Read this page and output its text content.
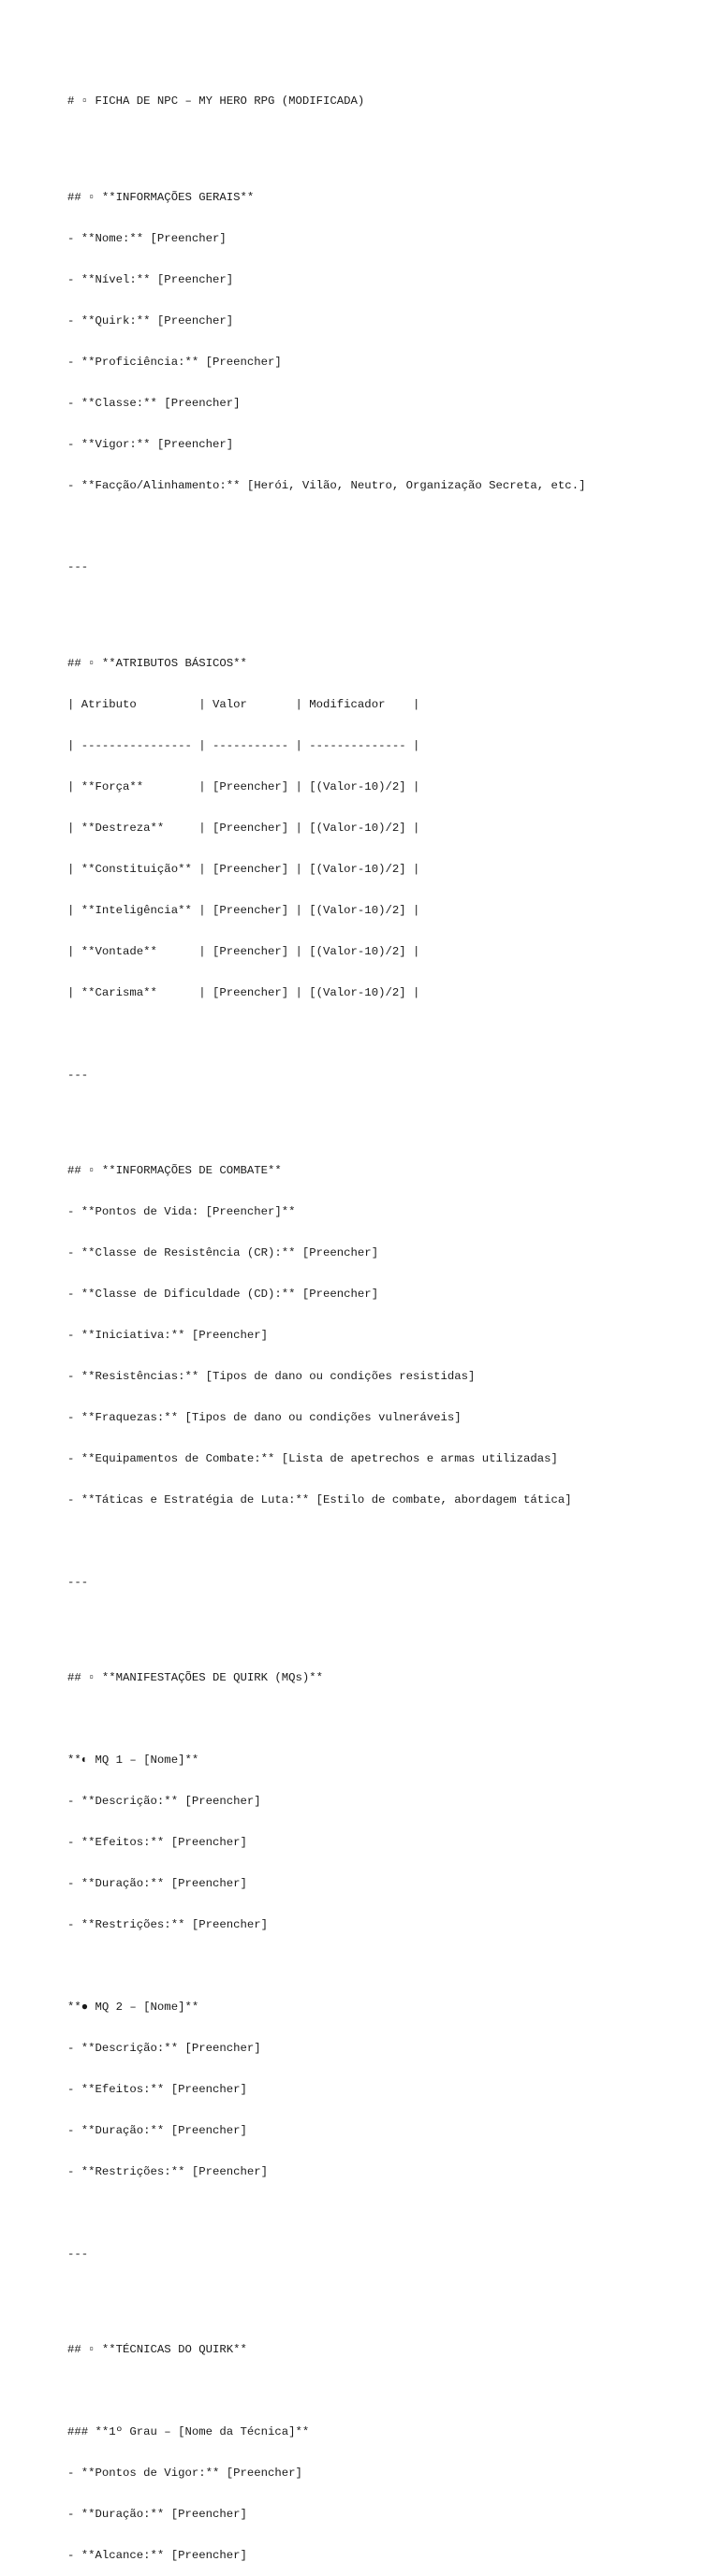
# ▫ FICHA DE NPC – MY HERO RPG (MODIFICADA)

## ▫ **INFORMAÇÕES GERAIS**

- **Nome:** [Preencher]

- **Nível:** [Preencher]

- **Quirk:** [Preencher]

- **Proficiência:** [Preencher]

- **Classe:** [Preencher]

- **Vigor:** [Preencher]

- **Facção/Alinhamento:** [Herói, Vilão, Neutro, Organização Secreta, etc.]

---

## ▫ **ATRIBUTOS BÁSICOS**

| Atributo         | Valor       | Modificador    |

| ---------------- | ----------- | -------------- |

| **Força**        | [Preencher] | [(Valor-10)/2] |

| **Destreza**     | [Preencher] | [(Valor-10)/2] |

| **Constituição** | [Preencher] | [(Valor-10)/2] |

| **Inteligência** | [Preencher] | [(Valor-10)/2] |

| **Vontade**      | [Preencher] | [(Valor-10)/2] |

| **Carisma**      | [Preencher] | [(Valor-10)/2] |

---

## ▫ **INFORMAÇÕES DE COMBATE**

- **Pontos de Vida: [Preencher]**

- **Classe de Resistência (CR):** [Preencher]

- **Classe de Dificuldade (CD):** [Preencher]

- **Iniciativa:** [Preencher]

- **Resistências:** [Tipos de dano ou condições resistidas]

- **Fraquezas:** [Tipos de dano ou condições vulneráveis]

- **Equipamentos de Combate:** [Lista de apetrechos e armas utilizadas]

- **Táticas e Estratégia de Luta:** [Estilo de combate, abordagem tática]

---

## ▫ **MANIFESTAÇÕES DE QUIRK (MQs)**

**◐ MQ 1 – [Nome]**

- **Descrição:** [Preencher]

- **Efeitos:** [Preencher]

- **Duração:** [Preencher]

- **Restrições:** [Preencher]

**● MQ 2 – [Nome]**

- **Descrição:** [Preencher]

- **Efeitos:** [Preencher]

- **Duração:** [Preencher]

- **Restrições:** [Preencher]

---

## ▫ **TÉCNICAS DO QUIRK**

### **1º Grau – [Nome da Técnica]**

- **Pontos de Vigor:** [Preencher]

- **Duração:** [Preencher]

- **Alcance:** [Preencher]
